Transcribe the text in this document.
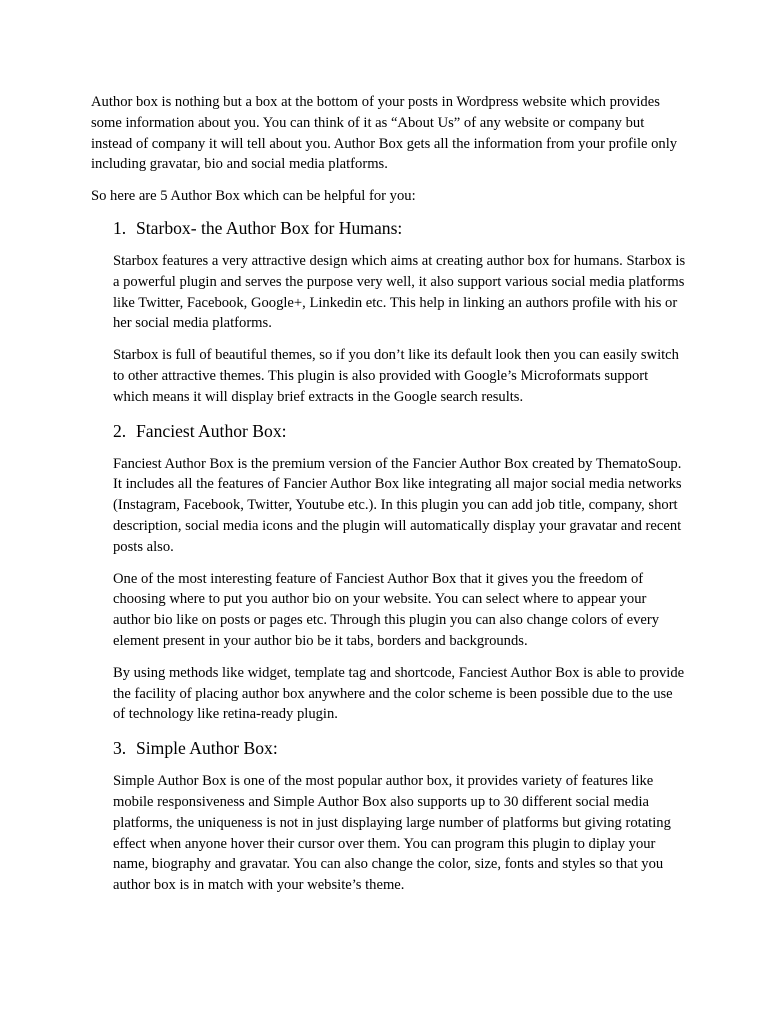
Author box is nothing but a box at the bottom of your posts in Wordpress website which provides some information about you. You can think of it as “About Us” of any website or company but instead of company it will tell about you. Author Box gets all the information from your profile only including gravatar, bio and social media platforms.

So here are 5 Author Box which can be helpful for you:

1. Starbox- the Author Box for Humans:

Starbox features a very attractive design which aims at creating author box for humans. Starbox is a powerful plugin and serves the purpose very well, it also support various social media platforms like Twitter, Facebook, Google+, Linkedin etc. This help in linking an authors profile with his or her social media platforms.

Starbox is full of beautiful themes, so if you don’t like its default look then you can easily switch to other attractive themes. This plugin is also provided with Google’s Microformats support which means it will display brief extracts in the Google search results.

2. Fanciest Author Box:

Fanciest Author Box is the premium version of the Fancier Author Box created by ThematoSoup. It includes all the features of Fancier Author Box like integrating all major social media networks (Instagram, Facebook, Twitter, Youtube etc.). In this plugin you can add job title, company, short description, social media icons and the plugin will automatically display your gravatar and recent posts also.

One of the most interesting feature of Fanciest Author Box that it gives you the freedom of choosing where to put you author bio on your website. You can select where to appear your author bio like on posts or pages etc. Through this plugin you can also change colors of every element present in your author bio be it tabs, borders and backgrounds.

By using methods like widget, template tag and shortcode, Fanciest Author Box is able to provide the facility of placing author box anywhere and the color scheme is been possible due to the use of technology like retina-ready plugin.

3. Simple Author Box:

Simple Author Box is one of the most popular author box, it provides variety of features like mobile responsiveness and Simple Author Box also supports up to 30 different social media platforms, the uniqueness is not in just displaying large number of platforms but giving rotating effect when anyone hover their cursor over them. You can program this plugin to diplay your name, biography and gravatar. You can also change the color, size, fonts and styles so that you author box is in match with your website’s theme.
